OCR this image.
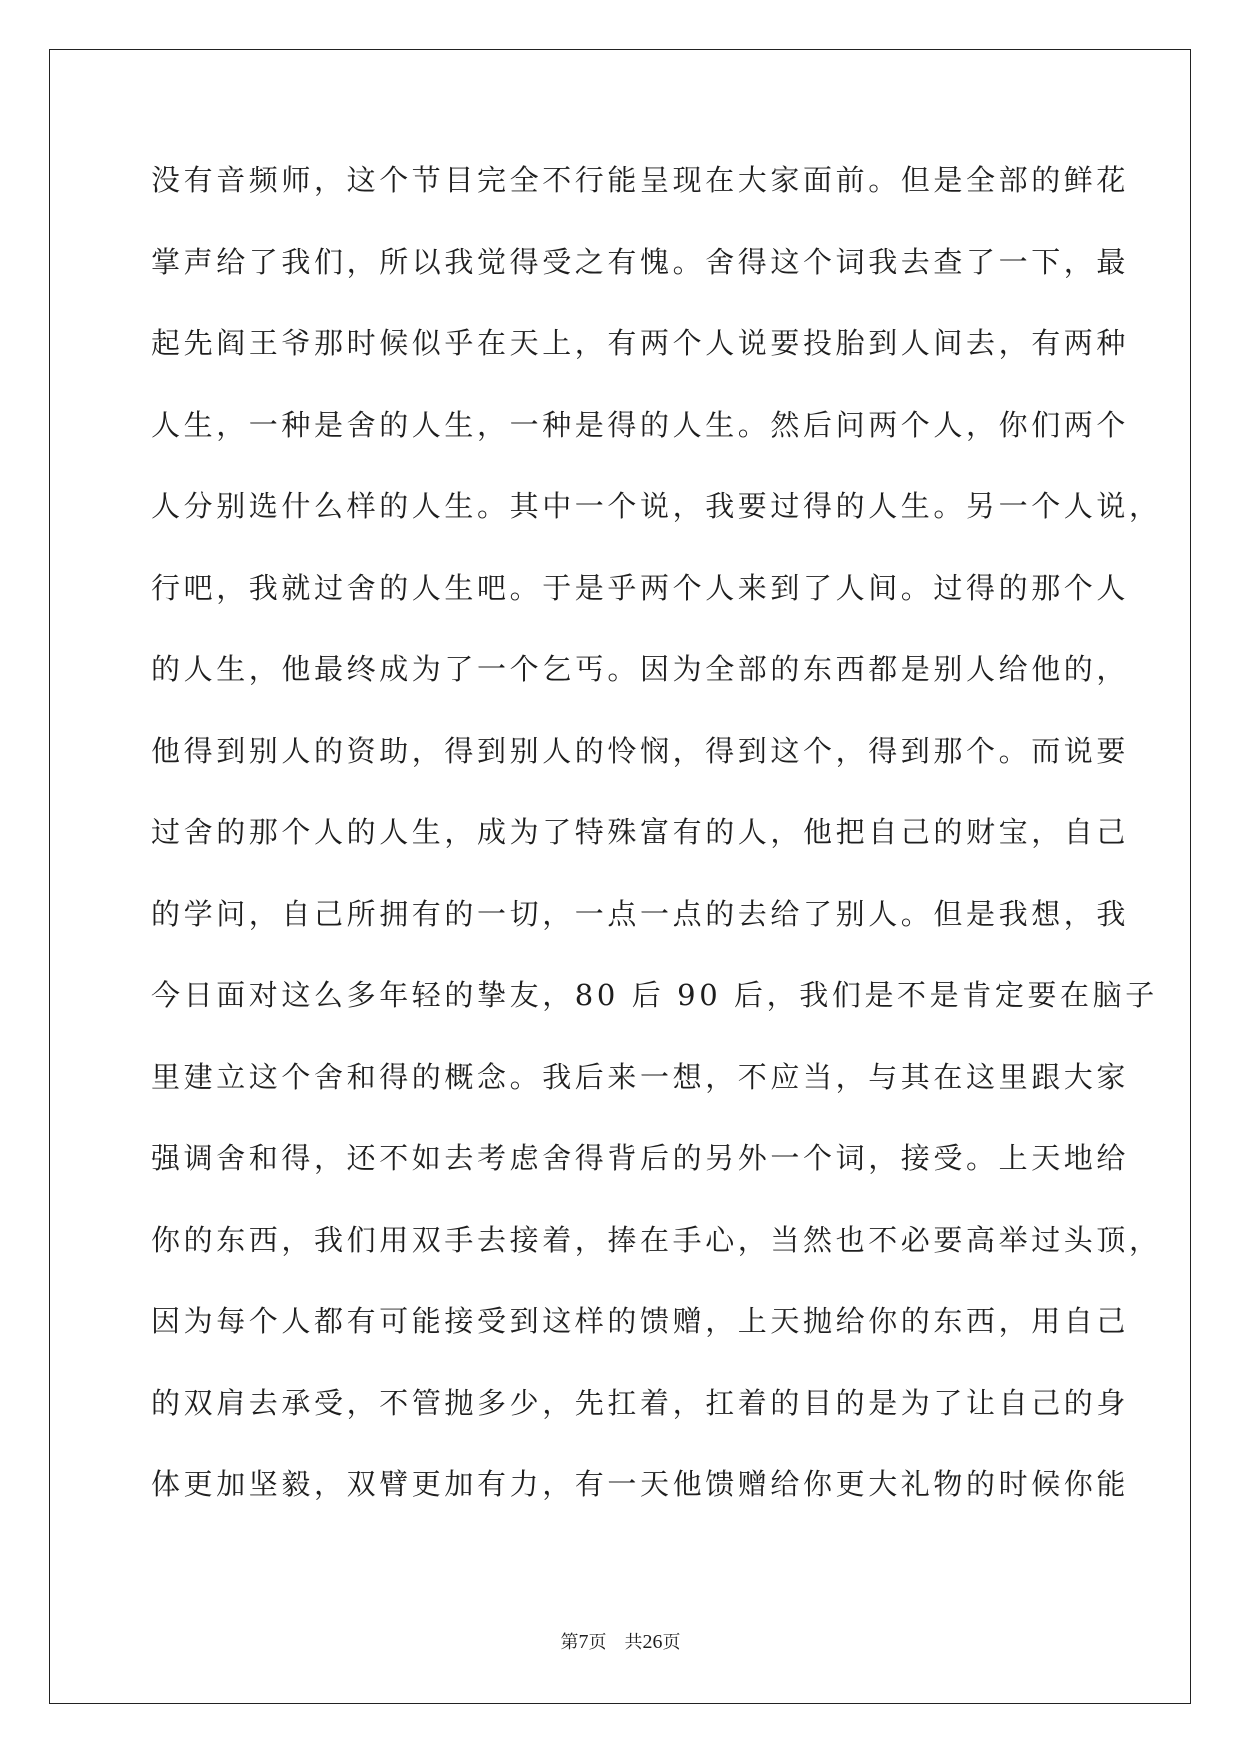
没有音频师，这个节目完全不行能呈现在大家面前。但是全部的鲜花
掌声给了我们，所以我觉得受之有愧。舍得这个词我去查了一下，最
起先阎王爷那时候似乎在天上，有两个人说要投胎到人间去，有两种
人生，一种是舍的人生，一种是得的人生。然后问两个人，你们两个
人分别选什么样的人生。其中一个说，我要过得的人生。另一个人说，
行吧，我就过舍的人生吧。于是乎两个人来到了人间。过得的那个人
的人生，他最终成为了一个乞丐。因为全部的东西都是别人给他的，
他得到别人的资助，得到别人的怜悯，得到这个，得到那个。而说要
过舍的那个人的人生，成为了特殊富有的人，他把自己的财宝，自己
的学问，自己所拥有的一切，一点一点的去给了别人。但是我想，我
今日面对这么多年轻的挚友，80 后 90 后，我们是不是肯定要在脑子
里建立这个舍和得的概念。我后来一想，不应当，与其在这里跟大家
强调舍和得，还不如去考虑舍得背后的另外一个词，接受。上天地给
你的东西，我们用双手去接着，捧在手心，当然也不必要高举过头顶，
因为每个人都有可能接受到这样的馈赠，上天抛给你的东西，用自己
的双肩去承受，不管抛多少，先扛着，扛着的目的是为了让自己的身
体更加坚毅，双臂更加有力，有一天他馈赠给你更大礼物的时候你能
第7页 共26页
